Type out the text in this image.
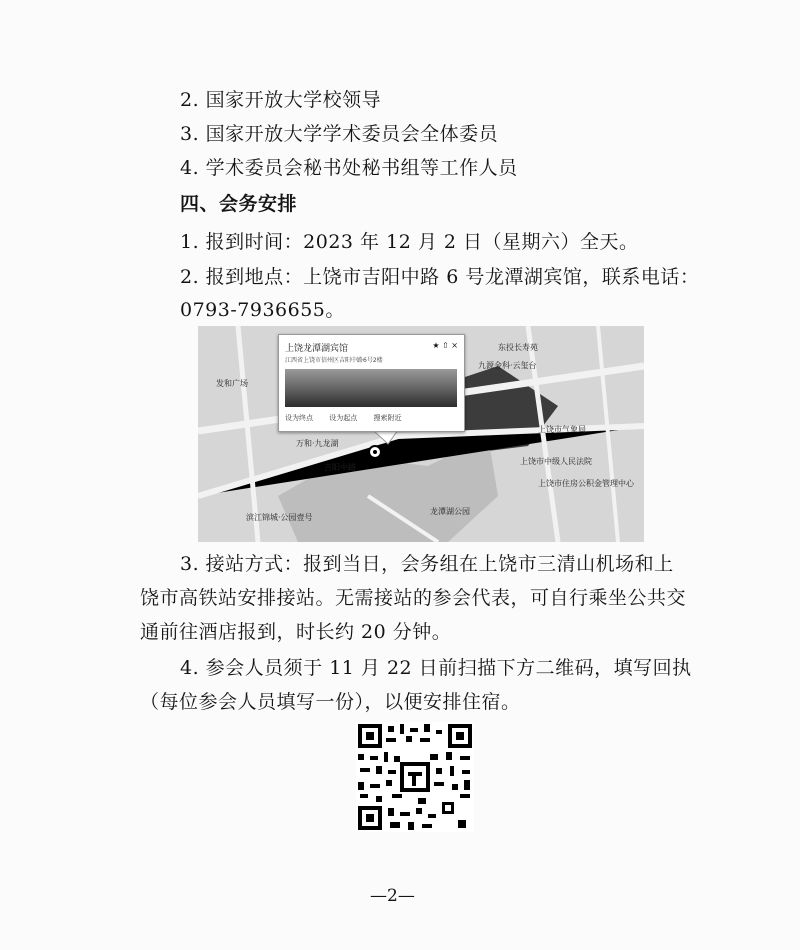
2. 国家开放大学校领导
3. 国家开放大学学术委员会全体委员
4. 学术委员会秘书处秘书组等工作人员
四、会务安排
1. 报到时间：2023 年 12 月 2 日（星期六）全天。
2. 报到地点：上饶市吉阳中路 6 号龙潭湖宾馆，联系电话：
0793-7936655。
上饶龙潭湖宾馆
江西省上饶市信州区吉阳中路6号2楼
★ ⇧ ×
设为终点 设为起点 搜索附近
发和广场
万和·九龙湖
吉阳中路
龙潭湖公园
东投长寿苑
九源金科·云玺台
上饶市中级人民法院
上饶市住房公积金管理中心
上饶市气象局
滨江锦城·公园壹号
3. 接站方式：报到当日，会务组在上饶市三清山机场和上
饶市高铁站安排接站。无需接站的参会代表，可自行乘坐公共交
通前往酒店报到，时长约 20 分钟。
4. 参会人员须于 11 月 22 日前扫描下方二维码，填写回执
（每位参会人员填写一份），以便安排住宿。
—2—
